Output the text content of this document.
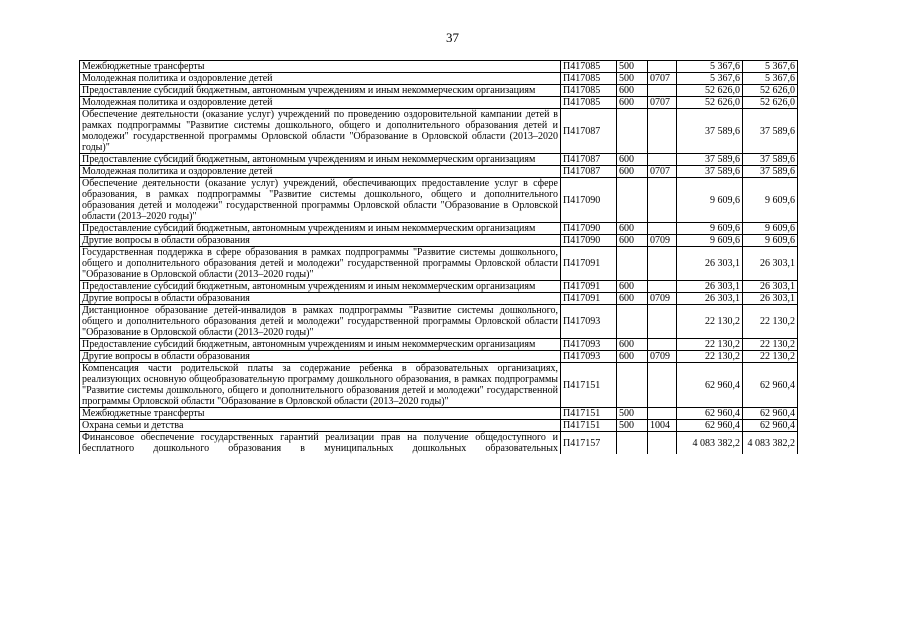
37
Межбюджетные трансферты	П417085	500		5 367,6	5 367,6
Молодежная политика и оздоровление детей	П417085	500	0707	5 367,6	5 367,6
Предоставление субсидий бюджетным, автономным учреждениям и иным некоммерческим организациям	П417085	600		52 626,0	52 626,0
Молодежная политика и оздоровление детей	П417085	600	0707	52 626,0	52 626,0
Обеспечение деятельности (оказание услуг) учреждений по проведению оздоровительной кампании детей в рамках подпрограммы "Развитие системы дошкольного, общего и дополнительного образования детей и молодежи" государственной программы Орловской области "Образование в Орловской области (2013–2020 годы)"	П417087			37 589,6	37 589,6
Предоставление субсидий бюджетным, автономным учреждениям и иным некоммерческим организациям	П417087	600		37 589,6	37 589,6
Молодежная политика и оздоровление детей	П417087	600	0707	37 589,6	37 589,6
Обеспечение деятельности (оказание услуг) учреждений, обеспечивающих предоставление услуг в сфере образования, в рамках подпрограммы "Развитие системы дошкольного, общего и дополнительного образования детей и молодежи" государственной программы Орловской области "Образование в Орловской области (2013–2020 годы)"	П417090			9 609,6	9 609,6
Предоставление субсидий бюджетным, автономным учреждениям и иным некоммерческим организациям	П417090	600		9 609,6	9 609,6
Другие вопросы в области образования	П417090	600	0709	9 609,6	9 609,6
Государственная поддержка в сфере образования в рамках подпрограммы "Развитие системы дошкольного, общего и дополнительного образования детей и молодежи" государственной программы Орловской области "Образование в Орловской области (2013–2020 годы)"	П417091			26 303,1	26 303,1
Предоставление субсидий бюджетным, автономным учреждениям и иным некоммерческим организациям	П417091	600		26 303,1	26 303,1
Другие вопросы в области образования	П417091	600	0709	26 303,1	26 303,1
Дистанционное образование детей-инвалидов в рамках подпрограммы "Развитие системы дошкольного, общего и дополнительного образования детей и молодежи" государственной программы Орловской области "Образование в Орловской области (2013–2020 годы)"	П417093			22 130,2	22 130,2
Предоставление субсидий бюджетным, автономным учреждениям и иным некоммерческим организациям	П417093	600		22 130,2	22 130,2
Другие вопросы в области образования	П417093	600	0709	22 130,2	22 130,2
Компенсация части родительской платы за содержание ребенка в образовательных организациях, реализующих основную общеобразовательную программу дошкольного образования, в рамках подпрограммы "Развитие системы дошкольного, общего и дополнительного образования детей и молодежи" государственной программы Орловской области "Образование в Орловской области (2013–2020 годы)"	П417151			62 960,4	62 960,4
Межбюджетные трансферты	П417151	500		62 960,4	62 960,4
Охрана семьи и детства	П417151	500	1004	62 960,4	62 960,4
Финансовое обеспечение государственных гарантий реализации прав на получение общедоступного и бесплатного дошкольного образования в муниципальных дошкольных образовательных	П417157			4 083 382,2	4 083 382,2
